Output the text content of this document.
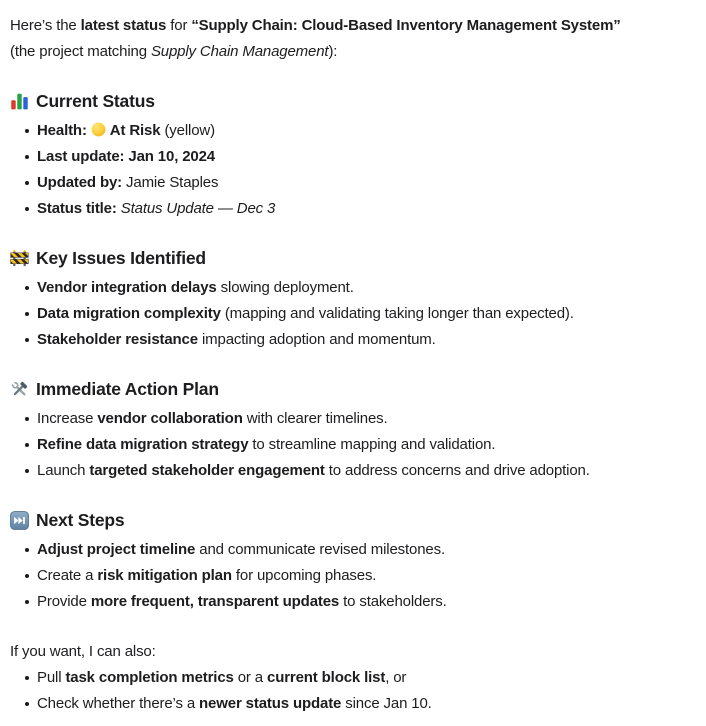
Here’s the latest status for “Supply Chain: Cloud-Based Inventory Management System”

(the project matching Supply Chain Management):

Current Status
Health: At Risk (yellow)
Last update: Jan 10, 2024
Updated by: Jamie Staples
Status title: Status Update — Dec 3
Key Issues Identified
Vendor integration delays slowing deployment.
Data migration complexity (mapping and validating taking longer than expected).
Stakeholder resistance impacting adoption and momentum.
Immediate Action Plan
Increase vendor collaboration with clearer timelines.
Refine data migration strategy to streamline mapping and validation.
Launch targeted stakeholder engagement to address concerns and drive adoption.
Next Steps
Adjust project timeline and communicate revised milestones.
Create a risk mitigation plan for upcoming phases.
Provide more frequent, transparent updates to stakeholders.

If you want, I can also:

Pull task completion metrics or a current block list, or
Check whether there’s a newer status update since Jan 10.
